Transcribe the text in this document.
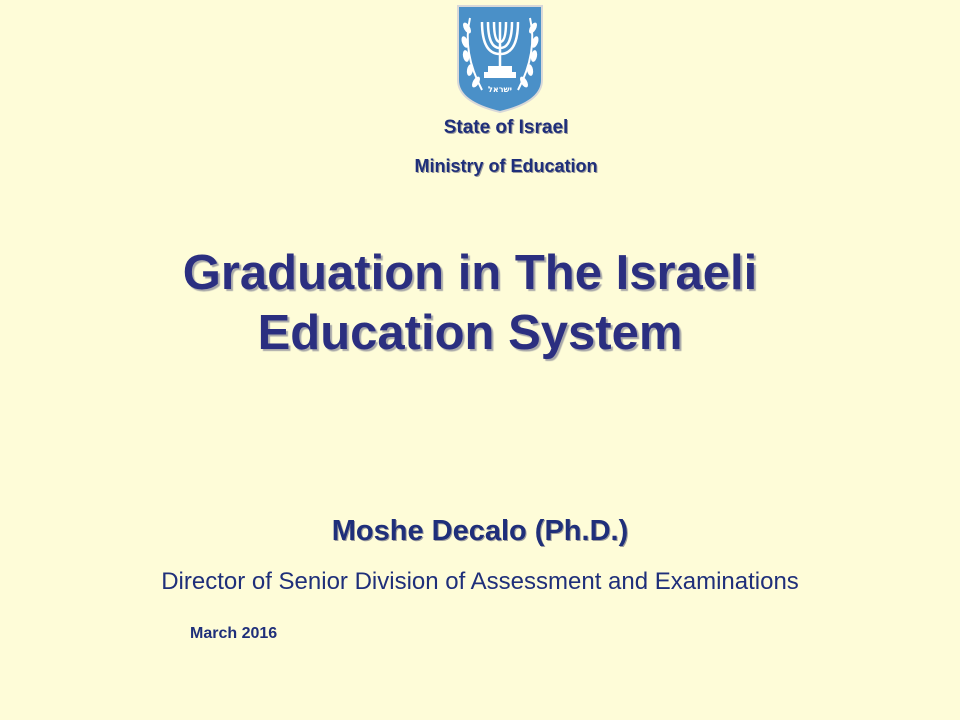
ישראל
State of Israel
Ministry of Education
Graduation in The Israeli
Education System
Moshe Decalo (Ph.D.)
Director of Senior Division of Assessment and Examinations
March 2016
